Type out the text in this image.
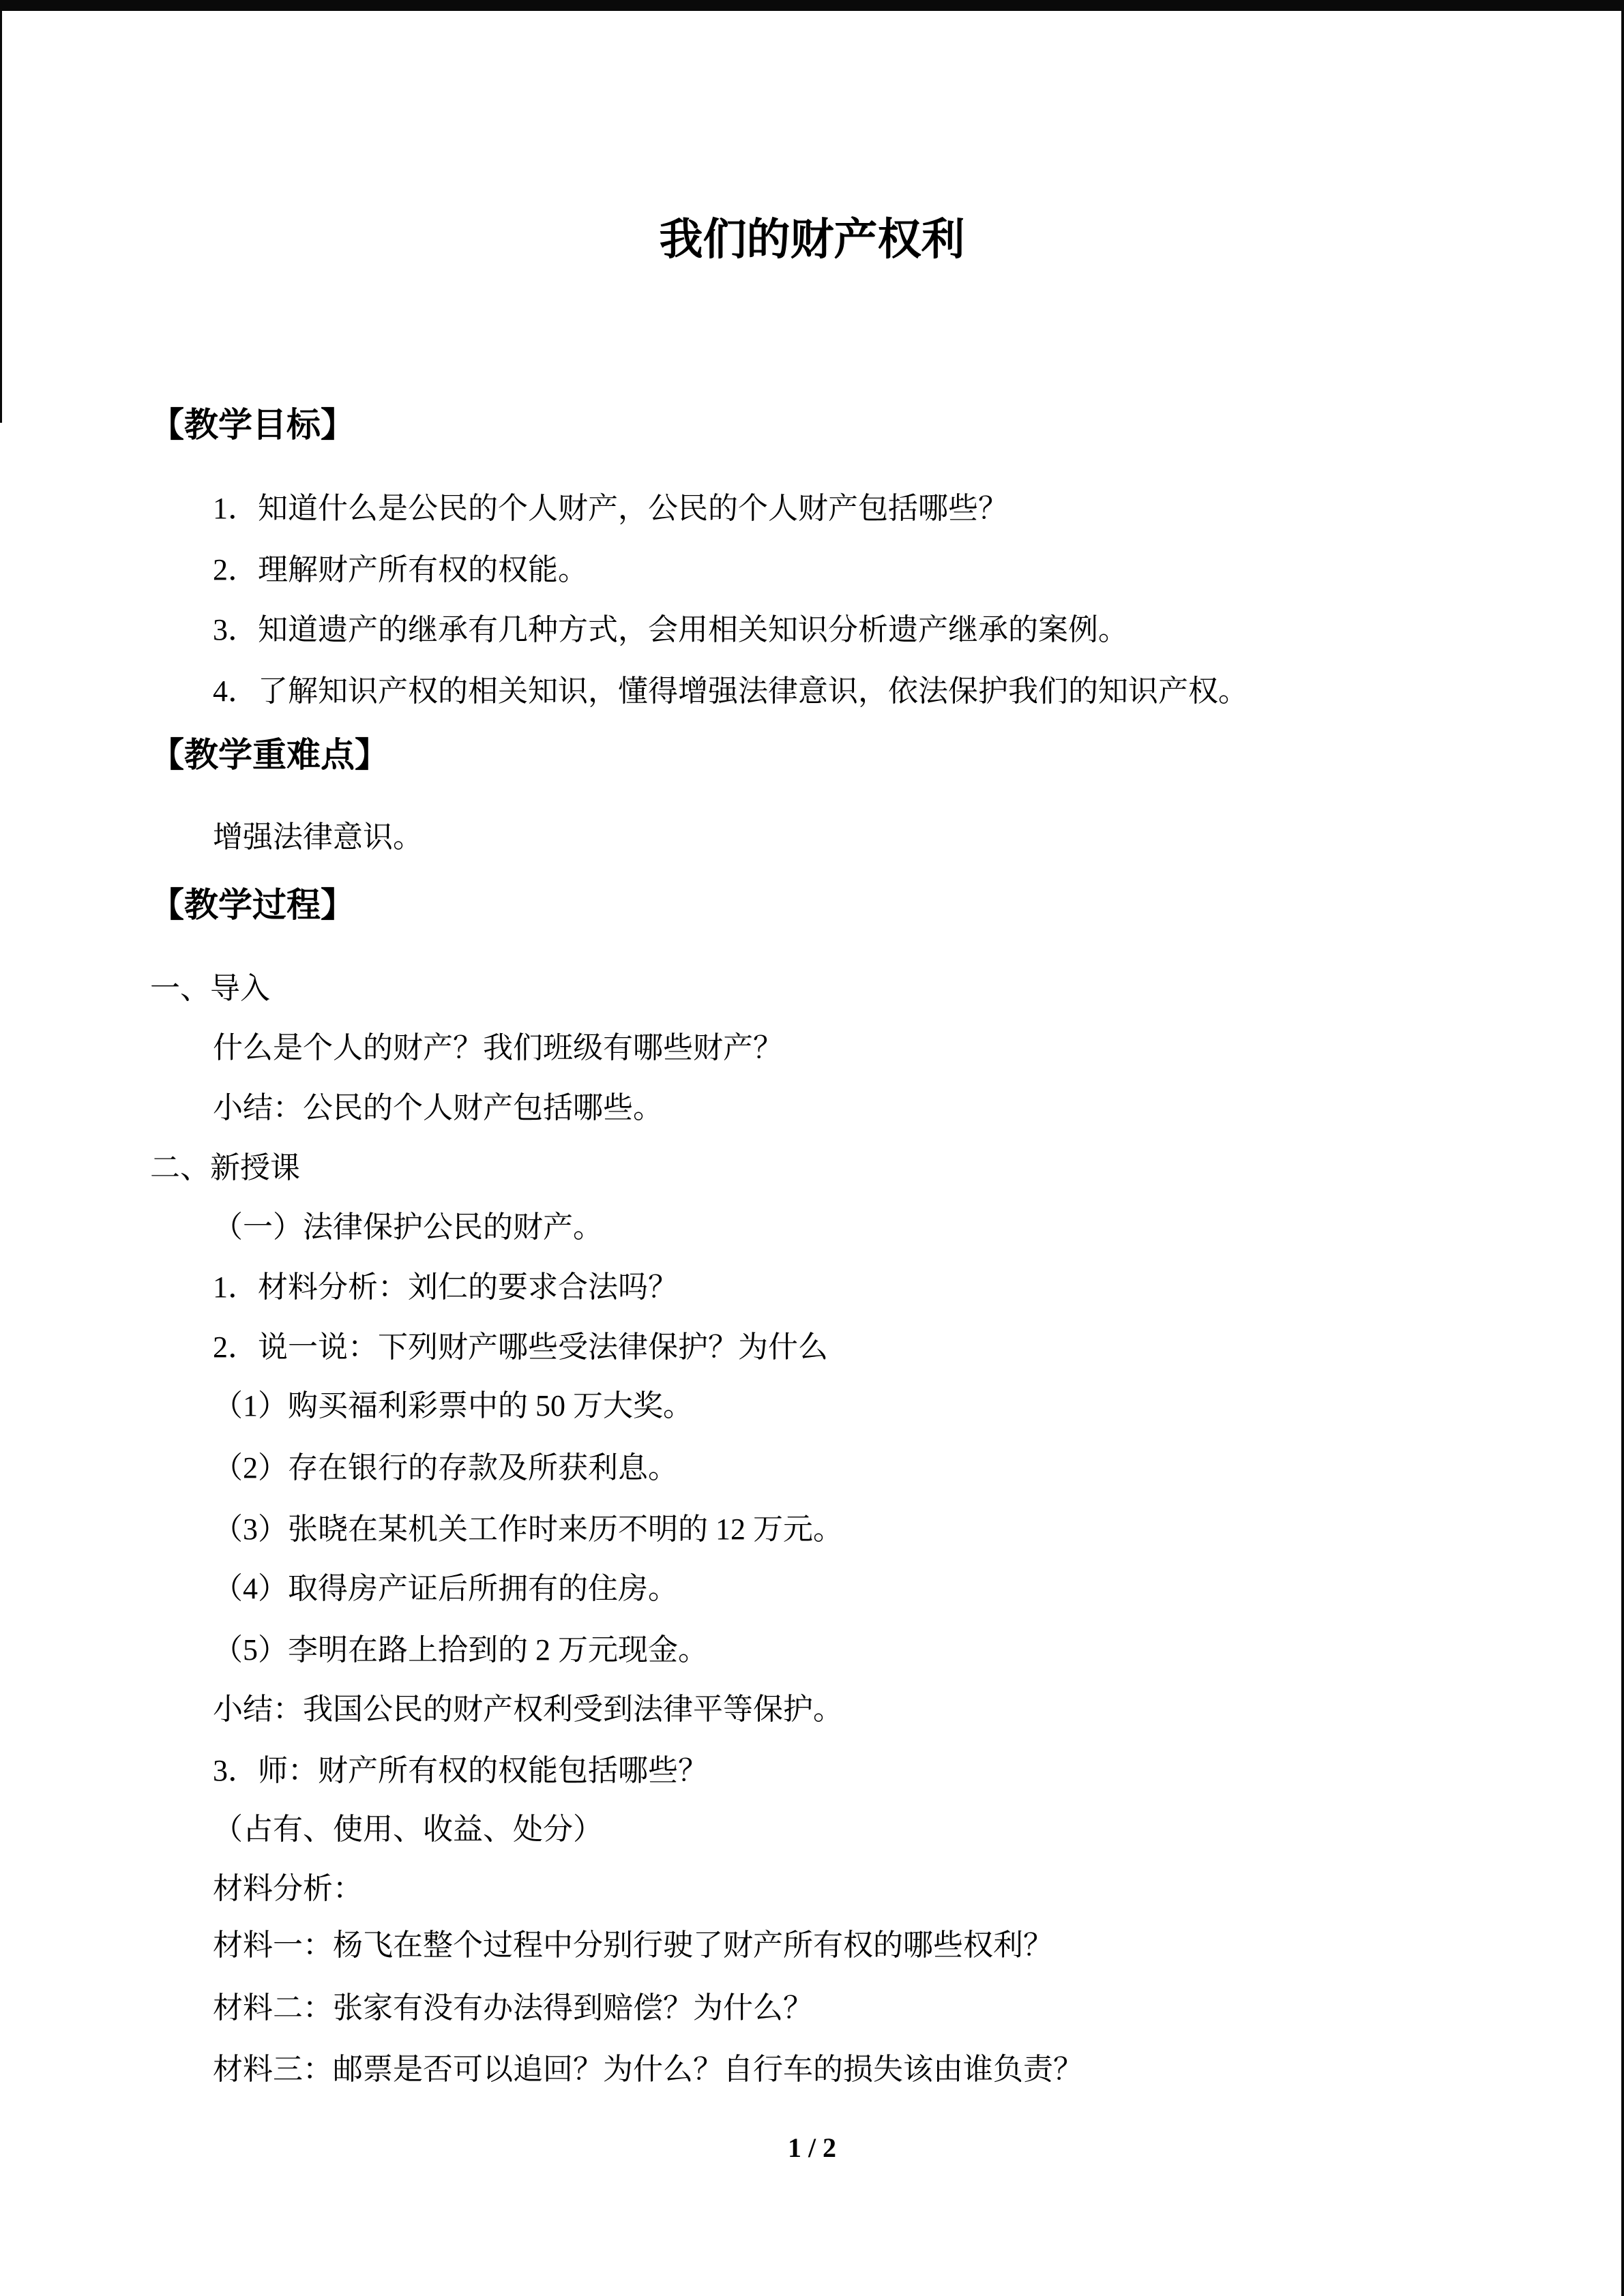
我们的财产权利
【教学目标】
1．知道什么是公民的个人财产，公民的个人财产包括哪些？
2．理解财产所有权的权能。
3．知道遗产的继承有几种方式，会用相关知识分析遗产继承的案例。
4．了解知识产权的相关知识，懂得增强法律意识，依法保护我们的知识产权。
【教学重难点】
增强法律意识。
【教学过程】
一、导入
什么是个人的财产？我们班级有哪些财产？
小结：公民的个人财产包括哪些。
二、新授课
（一）法律保护公民的财产。
1．材料分析：刘仁的要求合法吗？
2．说一说：下列财产哪些受法律保护？为什么
（1）购买福利彩票中的 50 万大奖。
（2）存在银行的存款及所获利息。
（3）张晓在某机关工作时来历不明的 12 万元。
（4）取得房产证后所拥有的住房。
（5）李明在路上拾到的 2 万元现金。
小结：我国公民的财产权利受到法律平等保护。
3．师：财产所有权的权能包括哪些？
（占有、使用、收益、处分）
材料分析：
材料一：杨飞在整个过程中分别行驶了财产所有权的哪些权利？
材料二：张家有没有办法得到赔偿？为什么？
材料三：邮票是否可以追回？为什么？自行车的损失该由谁负责？
1 / 2
